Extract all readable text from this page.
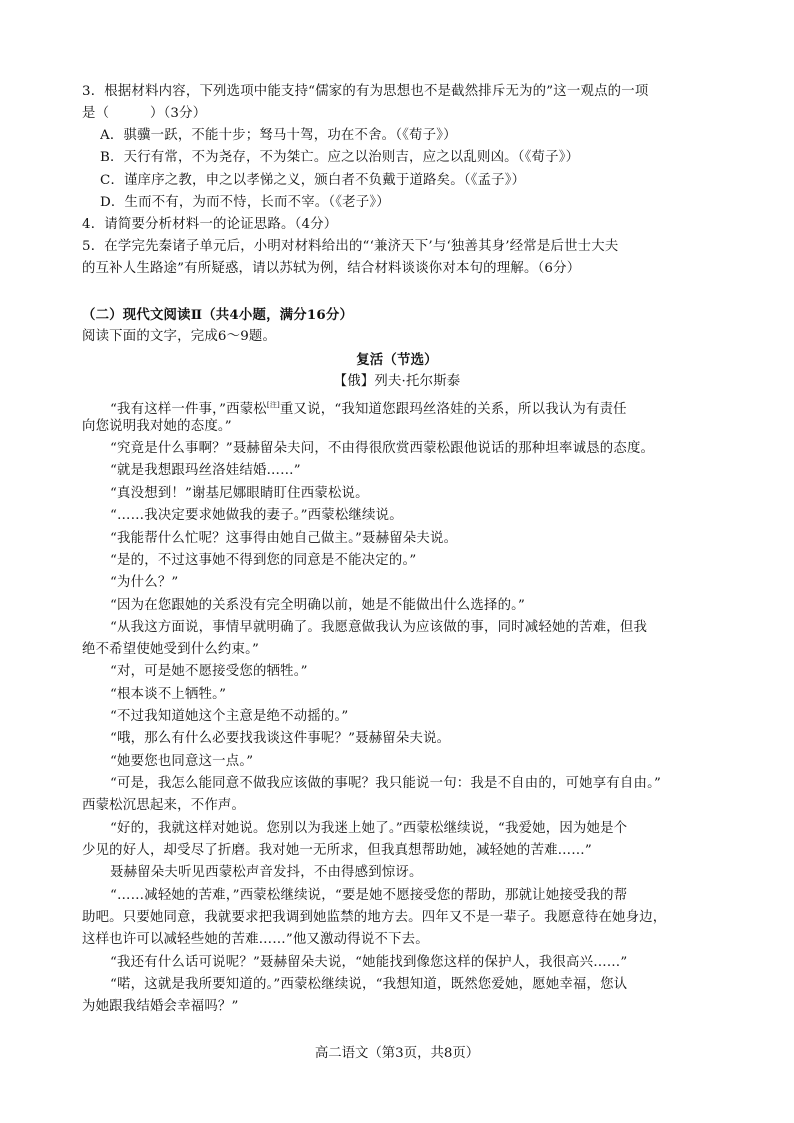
3．根据材料内容，下列选项中能支持“儒家的有为思想也不是截然排斥无为的”这一观点的一项
是（　　　）（3分）
A．骐骥一跃，不能十步；驽马十驾，功在不舍。（《荀子》）
B．天行有常，不为尧存，不为桀亡。应之以治则吉，应之以乱则凶。（《荀子》）
C．谨庠序之教，申之以孝悌之义，颁白者不负戴于道路矣。（《孟子》）
D．生而不有，为而不恃，长而不宰。（《老子》）
4．请简要分析材料一的论证思路。（4分）
5．在学完先秦诸子单元后，小明对材料给出的“‘兼济天下’与‘独善其身’经常是后世士大夫
的互补人生路途”有所疑惑，请以苏轼为例，结合材料谈谈你对本句的理解。（6分）
（二）现代文阅读Ⅱ（共4小题，满分16分）
阅读下面的文字，完成6～9题。
复活（节选）
【俄】列夫·托尔斯泰
“我有这样一件事，”西蒙松[注]重又说，“我知道您跟玛丝洛娃的关系，所以我认为有责任
向您说明我对她的态度。”
“究竟是什么事啊？”聂赫留朵夫问，不由得很欣赏西蒙松跟他说话的那种坦率诚恳的态度。
“就是我想跟玛丝洛娃结婚……”
“真没想到！”谢基尼娜眼睛盯住西蒙松说。
“……我决定要求她做我的妻子。”西蒙松继续说。
“我能帮什么忙呢？这事得由她自己做主。”聂赫留朵夫说。
“是的，不过这事她不得到您的同意是不能决定的。”
“为什么？”
“因为在您跟她的关系没有完全明确以前，她是不能做出什么选择的。”
“从我这方面说，事情早就明确了。我愿意做我认为应该做的事，同时减轻她的苦难，但我
绝不希望使她受到什么约束。”
“对，可是她不愿接受您的牺牲。”
“根本谈不上牺牲。”
“不过我知道她这个主意是绝不动摇的。”
“哦，那么有什么必要找我谈这件事呢？”聂赫留朵夫说。
“她要您也同意这一点。”
“可是，我怎么能同意不做我应该做的事呢？我只能说一句：我是不自由的，可她享有自由。”
西蒙松沉思起来，不作声。
“好的，我就这样对她说。您别以为我迷上她了。”西蒙松继续说，“我爱她，因为她是个
少见的好人，却受尽了折磨。我对她一无所求，但我真想帮助她，减轻她的苦难……”
聂赫留朵夫听见西蒙松声音发抖，不由得感到惊讶。
“……减轻她的苦难，”西蒙松继续说，“要是她不愿接受您的帮助，那就让她接受我的帮
助吧。只要她同意，我就要求把我调到她监禁的地方去。四年又不是一辈子。我愿意待在她身边，
这样也许可以减轻些她的苦难……”他又激动得说不下去。
“我还有什么话可说呢？”聂赫留朵夫说，“她能找到像您这样的保护人，我很高兴……”
“喏，这就是我所要知道的。”西蒙松继续说，“我想知道，既然您爱她，愿她幸福，您认
为她跟我结婚会幸福吗？”
高二语文（第3页，共8页）
